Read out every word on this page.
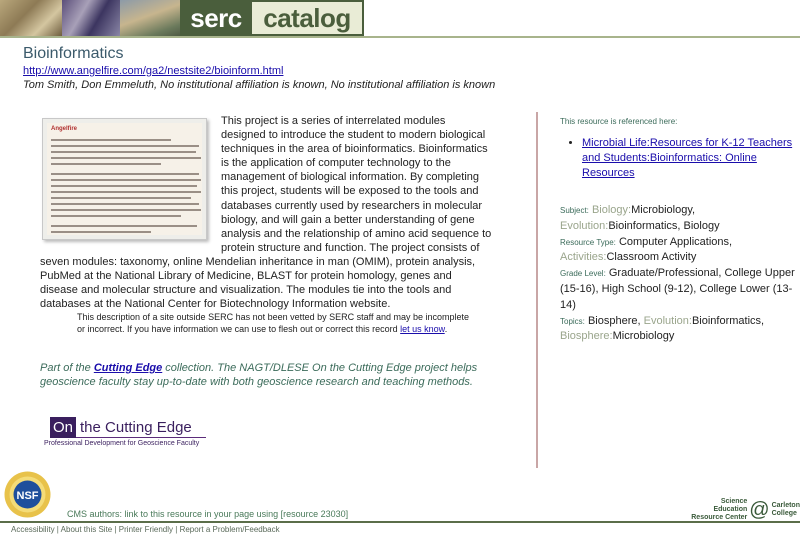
serc catalog
Bioinformatics
http://www.angelfire.com/ga2/nestsite2/bioinform.html
Tom Smith, Don Emmeluth, No institutional affiliation is known, No institutional affiliation is known
Angelfire

This project is a series of interrelated modules designed to introduce the student to modern biological techniques in the area of bioinformatics. Bioinformatics is the application of computer technology to the management of biological information. By completing this project, students will be exposed to the tools and databases currently used by researchers in molecular biology, and will gain a better understanding of gene analysis and the relationship of amino acid sequence to protein structure and function. The project consists of seven modules: taxonomy, online Mendelian inheritance in man (OMIM), protein analysis, PubMed at the National Library of Medicine, BLAST for protein homology, genes and disease and molecular structure and visualization. The modules tie into the tools and databases at the National Center for Biotechnology Information website.

This description of a site outside SERC has not been vetted by SERC staff and may be incomplete or incorrect. If you have information we can use to flesh out or correct this record let us know.
Part of the Cutting Edge collection. The NAGT/DLESE On the Cutting Edge project helps geoscience faculty stay up-to-date with both geoscience research and teaching methods.
On the Cutting Edge
Professional Development for Geoscience Faculty
This resource is referenced here:
• Microbial Life:Resources for K-12 Teachers and Students:Bioinformatics: Online Resources
Subject: Biology:Microbiology, Evolution:Bioinformatics, Biology
Resource Type: Computer Applications, Activities:Classroom Activity
Grade Level: Graduate/Professional, College Upper (15-16), High School (9-12), College Lower (13-14)
Topics: Biosphere, Evolution:Bioinformatics, Biosphere:Microbiology
NSF
CMS authors: link to this resource in your page using [resource 23030]
Science Education
Resource Center @ Carleton
College
Accessibility | About this Site | Printer Friendly | Report a Problem/Feedback
